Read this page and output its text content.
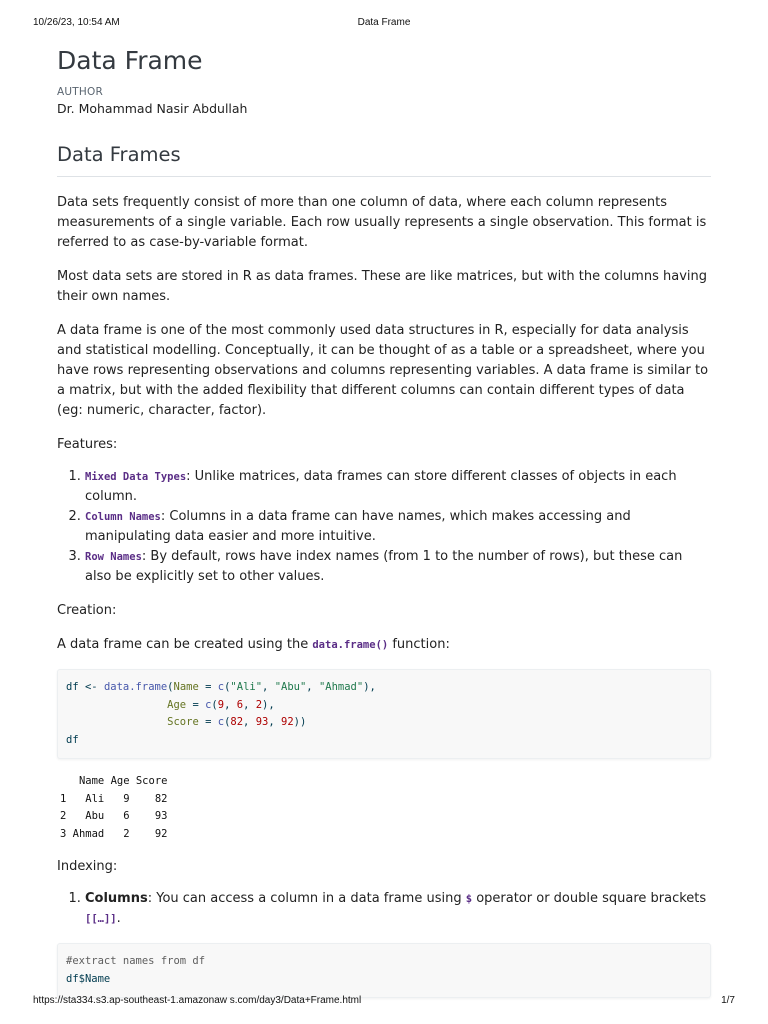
10/26/23, 10:54 AM	Data Frame
Data Frame
AUTHOR
Dr. Mohammad Nasir Abdullah
Data Frames

Data sets frequently consist of more than one column of data, where each column represents measurements of a single variable. Each row usually represents a single observation. This format is referred to as case-by-variable format.

Most data sets are stored in R as data frames. These are like matrices, but with the columns having their own names.

A data frame is one of the most commonly used data structures in R, especially for data analysis and statistical modelling. Conceptually, it can be thought of as a table or a spreadsheet, where you have rows representing observations and columns representing variables. A data frame is similar to a matrix, but with the added flexibility that different columns can contain different types of data (eg: numeric, character, factor).

Features:

1. Mixed Data Types: Unlike matrices, data frames can store different classes of objects in each column.
2. Column Names: Columns in a data frame can have names, which makes accessing and manipulating data easier and more intuitive.
3. Row Names: By default, rows have index names (from 1 to the number of rows), but these can also be explicitly set to other values.

Creation:

A data frame can be created using the data.frame() function:

df <- data.frame(Name = c("Ali", "Abu", "Ahmad"),
Age = c(9, 6, 2),
Score = c(82, 93, 92))
df
Name Age Score
1   Ali   9    82
2   Abu   6    93
3 Ahmad   2    92

Indexing:

1. Columns: You can access a column in a data frame using $ operator or double square brackets [[…]].
#extract names from df
df$Name
https://sta334.s3.ap-southeast-1.amazonaw s.com/day3/Data+Frame.html	1/7
